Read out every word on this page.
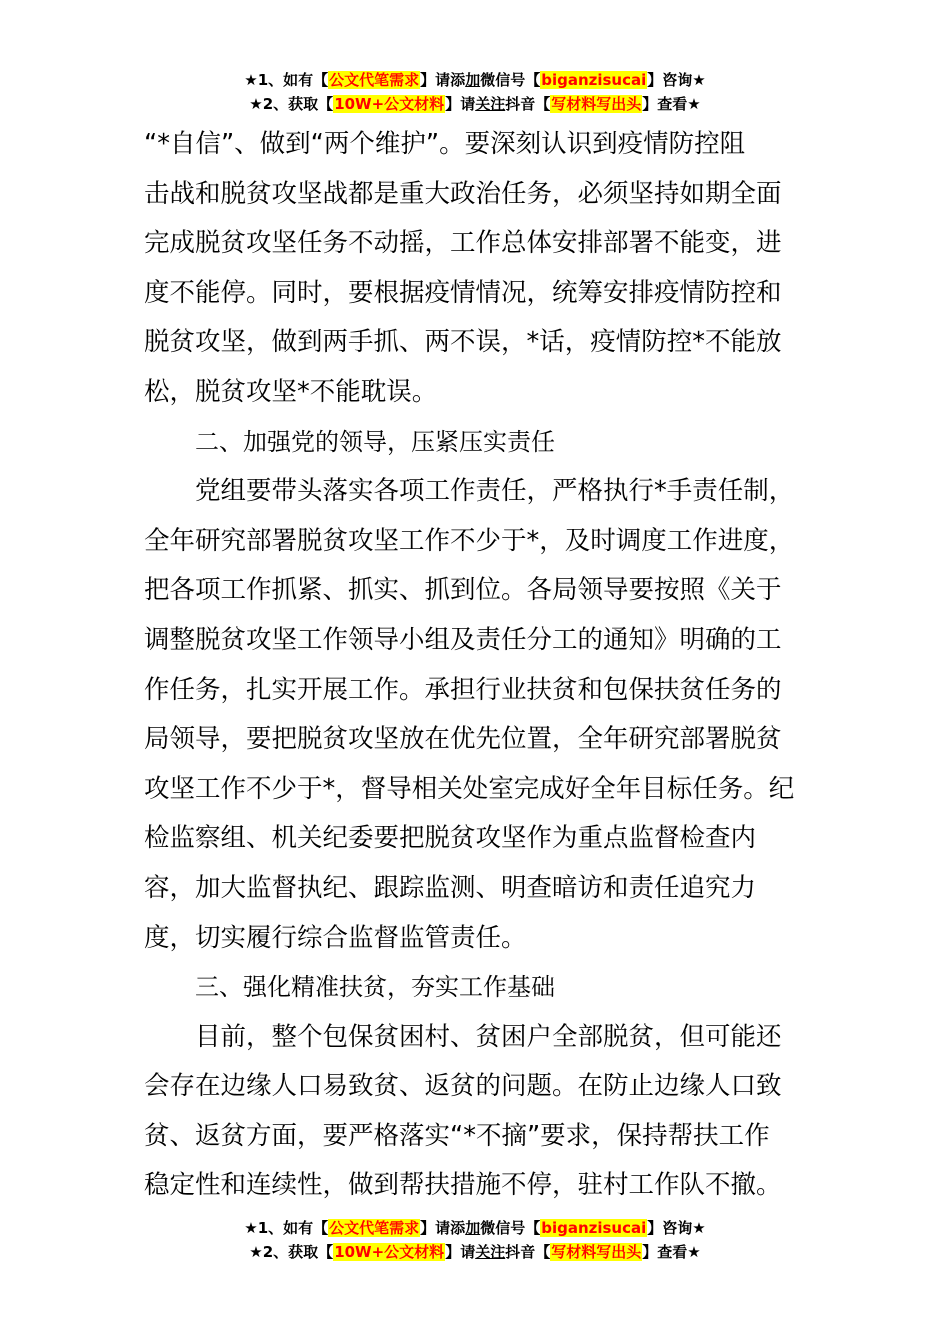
★1、如有【公文代笔需求】请添加微信号【biganzisucai】咨询★
★2、获取【10W+公文材料】请关注抖音【写材料写出头】查看★
“*自信”、做到“两个维护”。要深刻认识到疫情防控阻
击战和脱贫攻坚战都是重大政治任务，必须坚持如期全面
完成脱贫攻坚任务不动摇，工作总体安排部署不能变，进
度不能停。同时，要根据疫情情况，统筹安排疫情防控和
脱贫攻坚，做到两手抓、两不误，*话，疫情防控*不能放
松，脱贫攻坚*不能耽误。
二、加强党的领导，压紧压实责任
党组要带头落实各项工作责任，严格执行*手责任制，
全年研究部署脱贫攻坚工作不少于*，及时调度工作进度，
把各项工作抓紧、抓实、抓到位。各局领导要按照《关于
调整脱贫攻坚工作领导小组及责任分工的通知》明确的工
作任务，扎实开展工作。承担行业扶贫和包保扶贫任务的
局领导，要把脱贫攻坚放在优先位置，全年研究部署脱贫
攻坚工作不少于*，督导相关处室完成好全年目标任务。纪
检监察组、机关纪委要把脱贫攻坚作为重点监督检查内
容，加大监督执纪、跟踪监测、明查暗访和责任追究力
度，切实履行综合监督监管责任。
三、强化精准扶贫，夯实工作基础
目前，整个包保贫困村、贫困户全部脱贫，但可能还
会存在边缘人口易致贫、返贫的问题。在防止边缘人口致
贫、返贫方面，要严格落实“*不摘”要求，保持帮扶工作
稳定性和连续性，做到帮扶措施不停，驻村工作队不撤。
★1、如有【公文代笔需求】请添加微信号【biganzisucai】咨询★
★2、获取【10W+公文材料】请关注抖音【写材料写出头】查看★
